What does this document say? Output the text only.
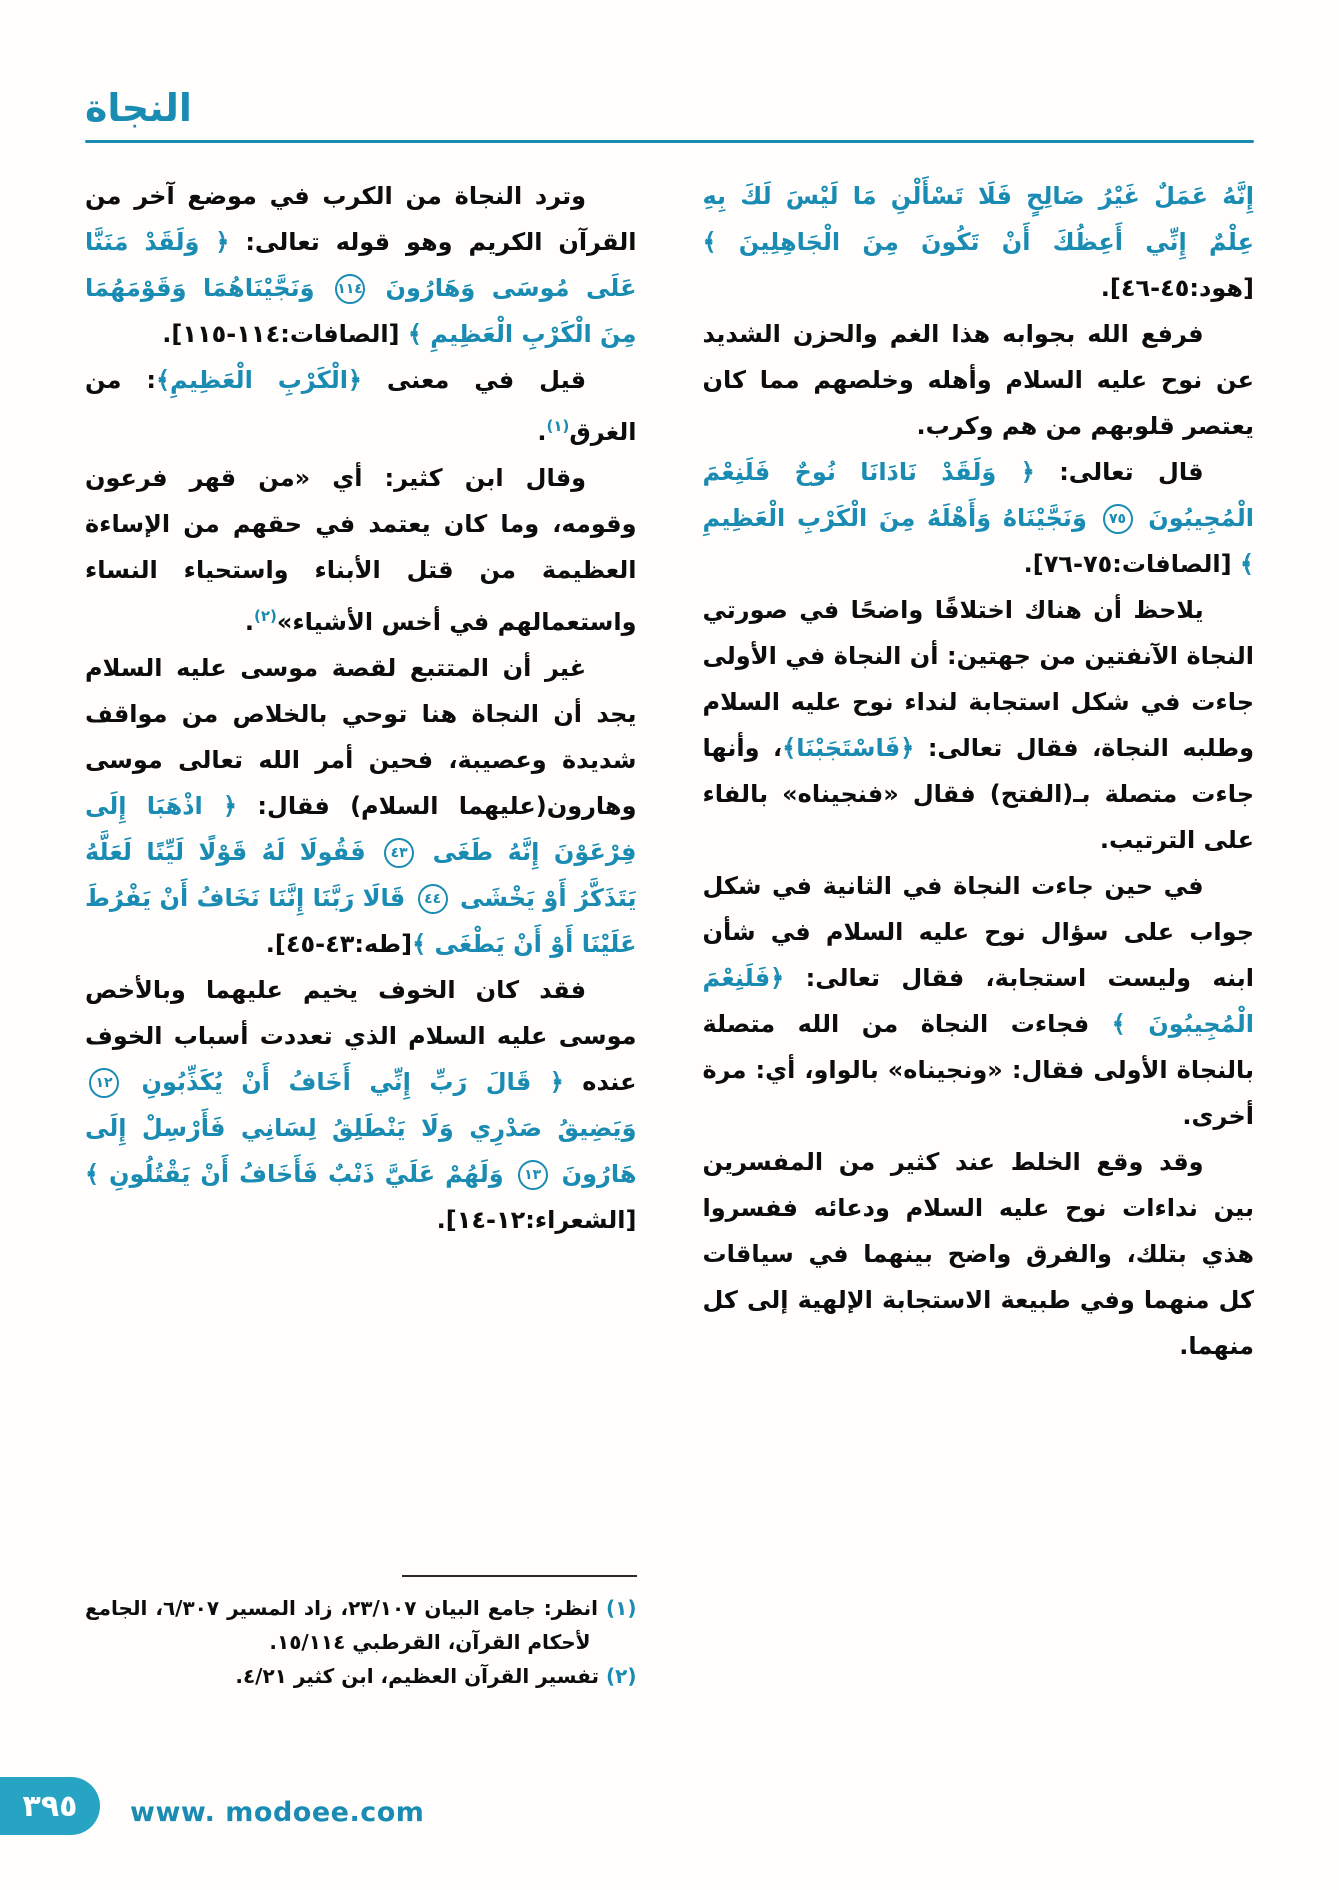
النجاة

إِنَّهُ عَمَلٌ غَيْرُ صَالِحٍ فَلَا تَسْأَلْنِ مَا لَيْسَ لَكَ بِهِ عِلْمٌ إِنِّي أَعِظُكَ أَنْ تَكُونَ مِنَ الْجَاهِلِينَ ﴾ [هود:٤٥-٤٦].

فرفع الله بجوابه هذا الغم والحزن الشديد عن نوح عليه السلام وأهله وخلصهم مما كان يعتصر قلوبهم من هم وكرب.

قال تعالى: ﴿ وَلَقَدْ نَادَانَا نُوحٌ فَلَنِعْمَ الْمُجِيبُونَ ٧٥ وَنَجَّيْنَاهُ وَأَهْلَهُ مِنَ الْكَرْبِ الْعَظِيمِ ﴾ [الصافات:٧٥-٧٦].

يلاحظ أن هناك اختلافًا واضحًا في صورتي النجاة الآنفتين من جهتين: أن النجاة في الأولى جاءت في شكل استجابة لنداء نوح عليه السلام وطلبه النجاة، فقال تعالى: ﴿فَاسْتَجَبْنَا﴾، وأنها جاءت متصلة بـ(الفتح) فقال «فنجيناه» بالفاء على الترتيب.

في حين جاءت النجاة في الثانية في شكل جواب على سؤال نوح عليه السلام في شأن ابنه وليست استجابة، فقال تعالى: ﴿فَلَنِعْمَ الْمُجِيبُونَ ﴾ فجاءت النجاة من الله متصلة بالنجاة الأولى فقال: «ونجيناه» بالواو، أي: مرة أخرى.

وقد وقع الخلط عند كثير من المفسرين بين نداءات نوح عليه السلام ودعائه ففسروا هذي بتلك، والفرق واضح بينهما في سياقات كل منهما وفي طبيعة الاستجابة الإلهية إلى كل منهما.

وترد النجاة من الكرب في موضع آخر من القرآن الكريم وهو قوله تعالى: ﴿ وَلَقَدْ مَنَنَّا عَلَى مُوسَى وَهَارُونَ ١١٤ وَنَجَّيْنَاهُمَا وَقَوْمَهُمَا مِنَ الْكَرْبِ الْعَظِيمِ ﴾ [الصافات:١١٤-١١٥].

قيل في معنى ﴿الْكَرْبِ الْعَظِيمِ﴾: من الغرق$^{(١)}$.

وقال ابن كثير: أي «من قهر فرعون وقومه، وما كان يعتمد في حقهم من الإساءة العظيمة من قتل الأبناء واستحياء النساء واستعمالهم في أخس الأشياء»$^{(٢)}$.

غير أن المتتبع لقصة موسى عليه السلام يجد أن النجاة هنا توحي بالخلاص من مواقف شديدة وعصيبة، فحين أمر الله تعالى موسى وهارون(عليهما السلام) فقال: ﴿ اذْهَبَا إِلَى فِرْعَوْنَ إِنَّهُ طَغَى ٤٣ فَقُولَا لَهُ قَوْلًا لَيِّنًا لَعَلَّهُ يَتَذَكَّرُ أَوْ يَخْشَى ٤٤ قَالَا رَبَّنَا إِنَّنَا نَخَافُ أَنْ يَفْرُطَ عَلَيْنَا أَوْ أَنْ يَطْغَى ﴾[طه:٤٣-٤٥].

فقد كان الخوف يخيم عليهما وبالأخص موسى عليه السلام الذي تعددت أسباب الخوف عنده ﴿ قَالَ رَبِّ إِنِّي أَخَافُ أَنْ يُكَذِّبُونِ ١٢ وَيَضِيقُ صَدْرِي وَلَا يَنْطَلِقُ لِسَانِي فَأَرْسِلْ إِلَى هَارُونَ ١٣ وَلَهُمْ عَلَيَّ ذَنْبٌ فَأَخَافُ أَنْ يَقْتُلُونِ ﴾[الشعراء:١٢-١٤].

(١) انظر: جامع البيان ٢٣/١٠٧، زاد المسير ٦/٣٠٧، الجامع لأحكام القرآن، القرطبي ١٥/١١٤.

(٢) تفسير القرآن العظيم، ابن كثير ٤/٢١.

٣٩٥ www. modoee.com
